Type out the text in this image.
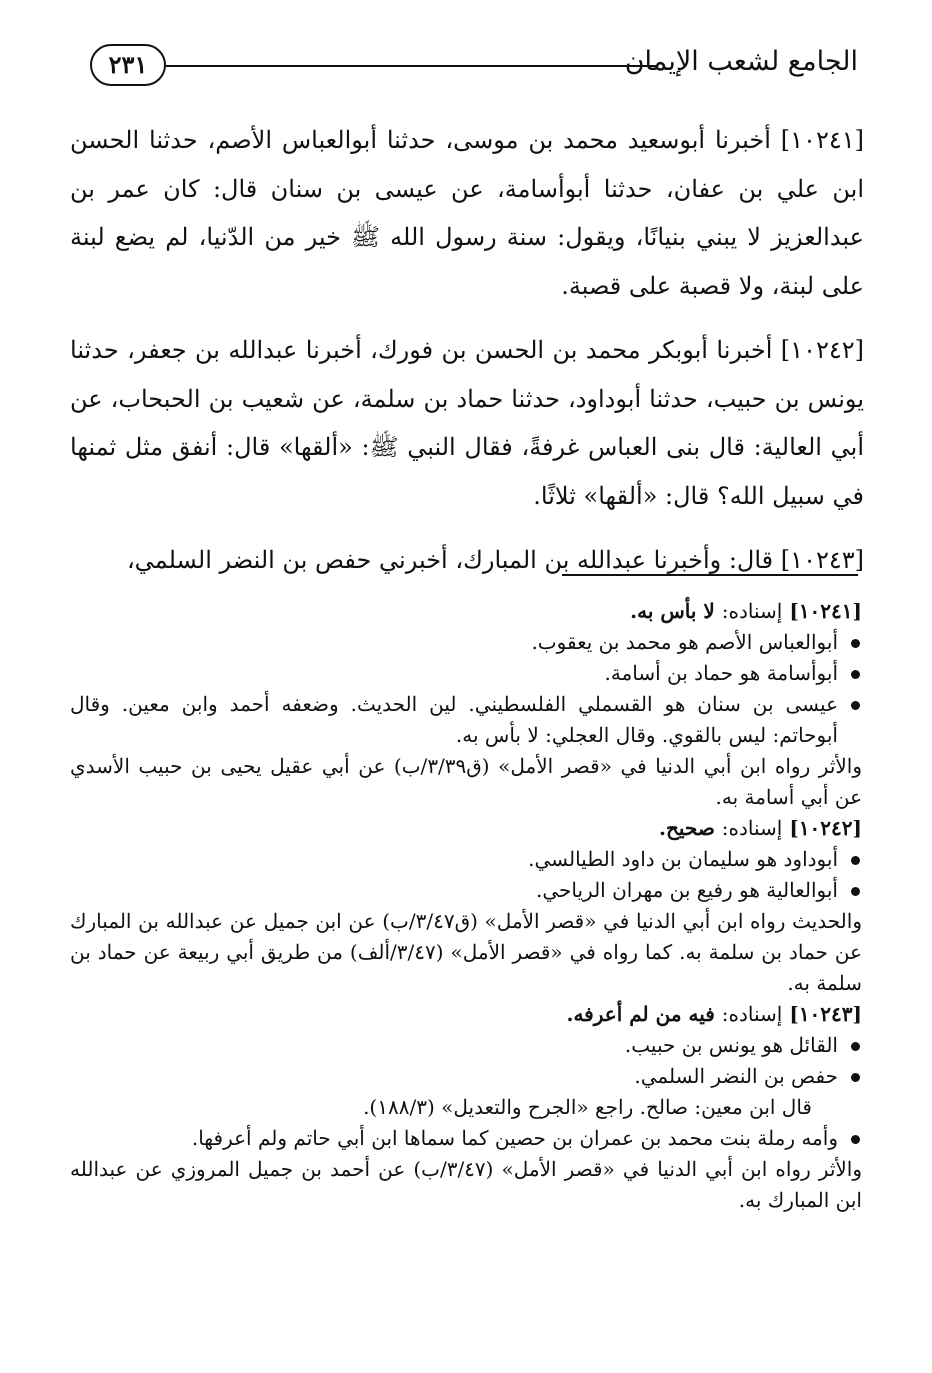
٢٣١	الجامع لشعب الإيمان

[١٠٢٤١] أخبرنا أبوسعيد محمد بن موسى، حدثنا أبوالعباس الأصم، حدثنا الحسن ابن علي بن عفان، حدثنا أبوأسامة، عن عيسى بن سنان قال: كان عمر بن عبدالعزيز لا يبني بنيانًا، ويقول: سنة رسول الله ﷺ خير من الدّنيا، لم يضع لبنة على لبنة، ولا قصبة على قصبة.

[١٠٢٤٢] أخبرنا أبوبكر محمد بن الحسن بن فورك، أخبرنا عبدالله بن جعفر، حدثنا يونس بن حبيب، حدثنا أبوداود، حدثنا حماد بن سلمة، عن شعيب بن الحبحاب، عن أبي العالية: قال بنى العباس غرفةً، فقال النبي ﷺ: «ألقها» قال: أنفق مثل ثمنها في سبيل الله؟ قال: «ألقها» ثلاثًا.

[١٠٢٤٣] قال: وأخبرنا عبدالله بن المبارك، أخبرني حفص بن النضر السلمي،

[١٠٢٤١] إسناده: لا بأس به.

أبوالعباس الأصم هو محمد بن يعقوب.
أبوأسامة هو حماد بن أسامة.
عيسى بن سنان هو القسملي الفلسطيني. لين الحديث. وضعفه أحمد وابن معين. وقال أبوحاتم: ليس بالقوي. وقال العجلي: لا بأس به.

والأثر رواه ابن أبي الدنيا في «قصر الأمل» (ق٣/٣٩/ب) عن أبي عقيل يحيى بن حبيب الأسدي عن أبي أسامة به.

[١٠٢٤٢] إسناده: صحيح.

أبوداود هو سليمان بن داود الطيالسي.
أبوالعالية هو رفيع بن مهران الرياحي.

والحديث رواه ابن أبي الدنيا في «قصر الأمل» (ق٣/٤٧/ب) عن ابن جميل عن عبدالله بن المبارك عن حماد بن سلمة به. كما رواه في «قصر الأمل» (٣/٤٧/ألف) من طريق أبي ربيعة عن حماد بن سلمة به.

[١٠٢٤٣] إسناده: فيه من لم أعرفه.

القائل هو يونس بن حبيب.
حفص بن النضر السلمي.

قال ابن معين: صالح. راجع «الجرح والتعديل» (١٨٨/٣).

وأمه رملة بنت محمد بن عمران بن حصين كما سماها ابن أبي حاتم ولم أعرفها.

والأثر رواه ابن أبي الدنيا في «قصر الأمل» (٣/٤٧/ب) عن أحمد بن جميل المروزي عن عبدالله ابن المبارك به.
